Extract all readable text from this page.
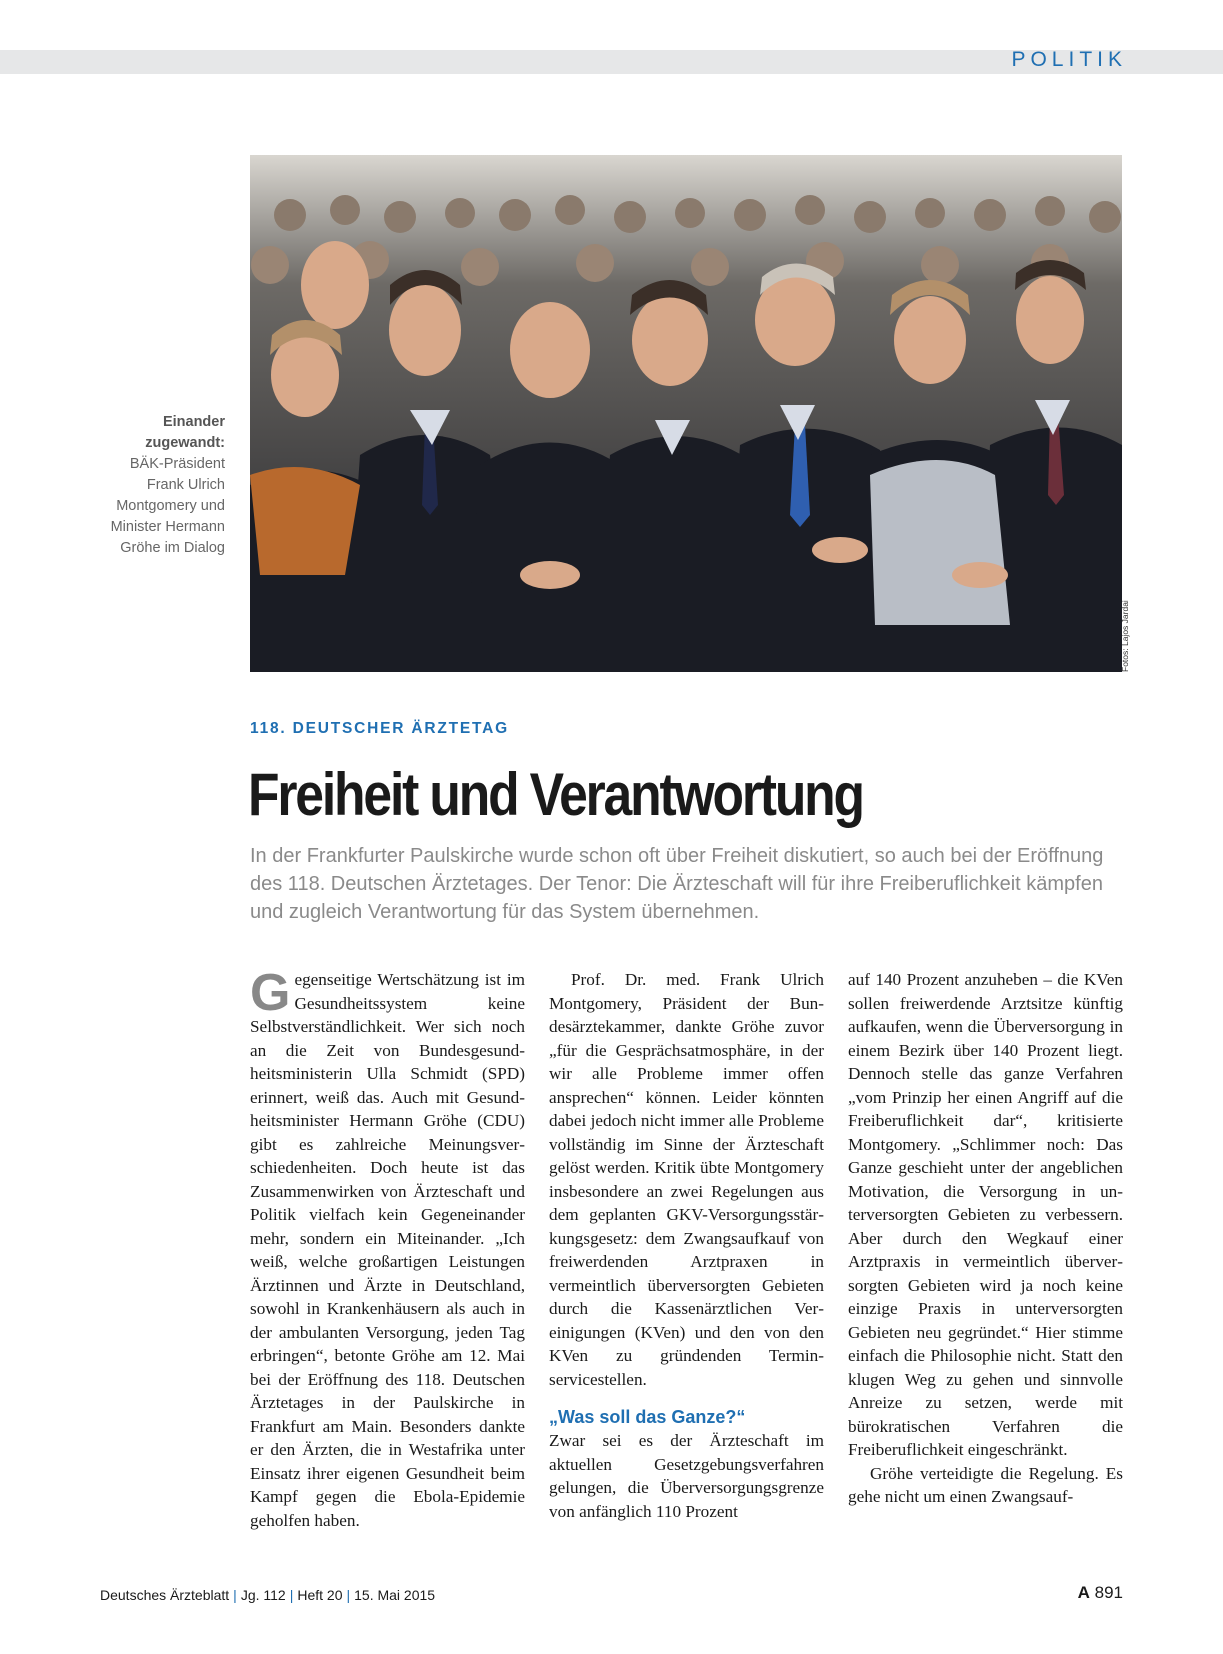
POLITIK
Einander zugewandt:
BÄK-Präsident Frank Ulrich Montgomery und Minister Hermann Gröhe im Dialog
Fotos: Lajos Jardai
118. DEUTSCHER ÄRZTETAG
Freiheit und Verantwortung

In der Frankfurter Paulskirche wurde schon oft über Freiheit diskutiert, so auch bei der Eröffnung des 118. Deutschen Ärztetages. Der Tenor: Die Ärzteschaft will für ihre Freiberuflichkeit kämpfen und zugleich Verantwortung für das System übernehmen.

Gegenseitige Wertschätzung ist im Gesundheitssystem keine Selbstverständlichkeit. Wer sich noch an die Zeit von Bundesgesundheitsministerin Ulla Schmidt (SPD) erinnert, weiß das. Auch mit Gesundheitsminister Hermann Gröhe (CDU) gibt es zahlreiche Meinungsverschiedenheiten. Doch heute ist das Zusammenwirken von Ärzteschaft und Politik vielfach kein Gegeneinander mehr, sondern ein Miteinander. „Ich weiß, welche großartigen Leistungen Ärztinnen und Ärzte in Deutschland, sowohl in Krankenhäusern als auch in der ambulanten Versorgung, jeden Tag erbringen“, betonte Gröhe am 12. Mai bei der Eröffnung des 118. Deutschen Ärztetages in der Paulskirche in Frankfurt am Main. Besonders dankte er den Ärzten, die in Westafrika unter Einsatz ihrer eigenen Gesundheit beim Kampf gegen die Ebola-Epidemie geholfen haben.

Prof. Dr. med. Frank Ulrich Montgomery, Präsident der Bundesärztekammer, dankte Gröhe zuvor „für die Gesprächsatmosphäre, in der wir alle Probleme immer offen ansprechen“ können. Leider könnten dabei jedoch nicht immer alle Probleme vollständig im Sinne der Ärzteschaft gelöst werden. Kritik übte Montgomery insbesondere an zwei Regelungen aus dem geplanten GKV-Versorgungsstärkungsgesetz: dem Zwangsaufkauf von freiwerdenden Arztpraxen in vermeintlich überversorgten Gebieten durch die Kassenärztlichen Vereinigungen (KVen) und den von den KVen zu gründenden Terminservicestellen.

„Was soll das Ganze?“

Zwar sei es der Ärzteschaft im aktuellen Gesetzgebungsverfahren gelungen, die Überversorgungsgrenze von anfänglich 110 Prozent

auf 140 Prozent anzuheben – die KVen sollen freiwerdende Arztsitze künftig aufkaufen, wenn die Überversorgung in einem Bezirk über 140 Prozent liegt. Dennoch stelle das ganze Verfahren „vom Prinzip her einen Angriff auf die Freiberuflichkeit dar“, kritisierte Montgomery. „Schlimmer noch: Das Ganze geschieht unter der angeblichen Motivation, die Versorgung in unterversorgten Gebieten zu verbessern. Aber durch den Wegkauf einer Arztpraxis in vermeintlich überversorgten Gebieten wird ja noch keine einzige Praxis in unterversorgten Gebieten neu gegründet.“ Hier stimme einfach die Philosophie nicht. Statt den klugen Weg zu gehen und sinnvolle Anreize zu setzen, werde mit bürokratischen Verfahren die Freiberuflichkeit eingeschränkt.

Gröhe verteidigte die Regelung. Es gehe nicht um einen Zwangsauf-

Deutsches Ärzteblatt | Jg. 112 | Heft 20 | 15. Mai 2015	A 891
